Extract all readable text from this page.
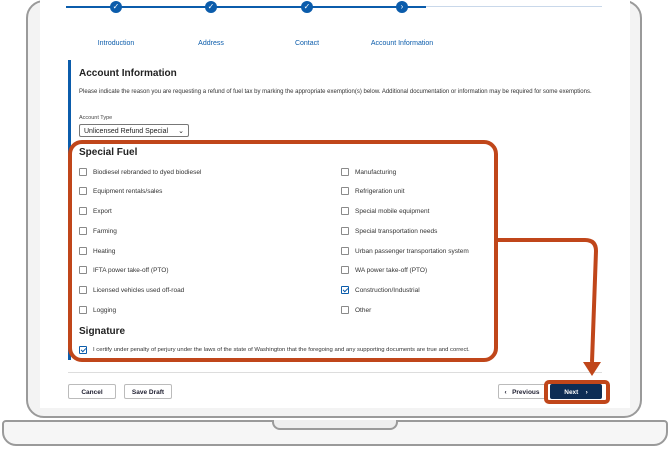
✓
Introduction
✓
Address
✓
Contact
›
Account Information
Account Information
Please indicate the reason you are requesting a refund of fuel tax by marking the appropriate exemption(s) below. Additional documentation or information may be required for some exemptions.
Account Type
Unlicensed Refund Special ⌄
Special Fuel
Biodiesel rebranded to dyed biodiesel
Equipment rentals/sales
Export
Farming
Heating
IFTA power take-off (PTO)
Licensed vehicles used off-road
Logging
Manufacturing
Refrigeration unit
Special mobile equipment
Special transportation needs
Urban passenger transportation system
WA power take-off (PTO)
Construction/Industrial
Other
Signature
I certify under penalty of perjury under the laws of the state of Washington that the foregoing and any supporting documents are true and correct.
Cancel	Save Draft	‹ Previous	Next ›
